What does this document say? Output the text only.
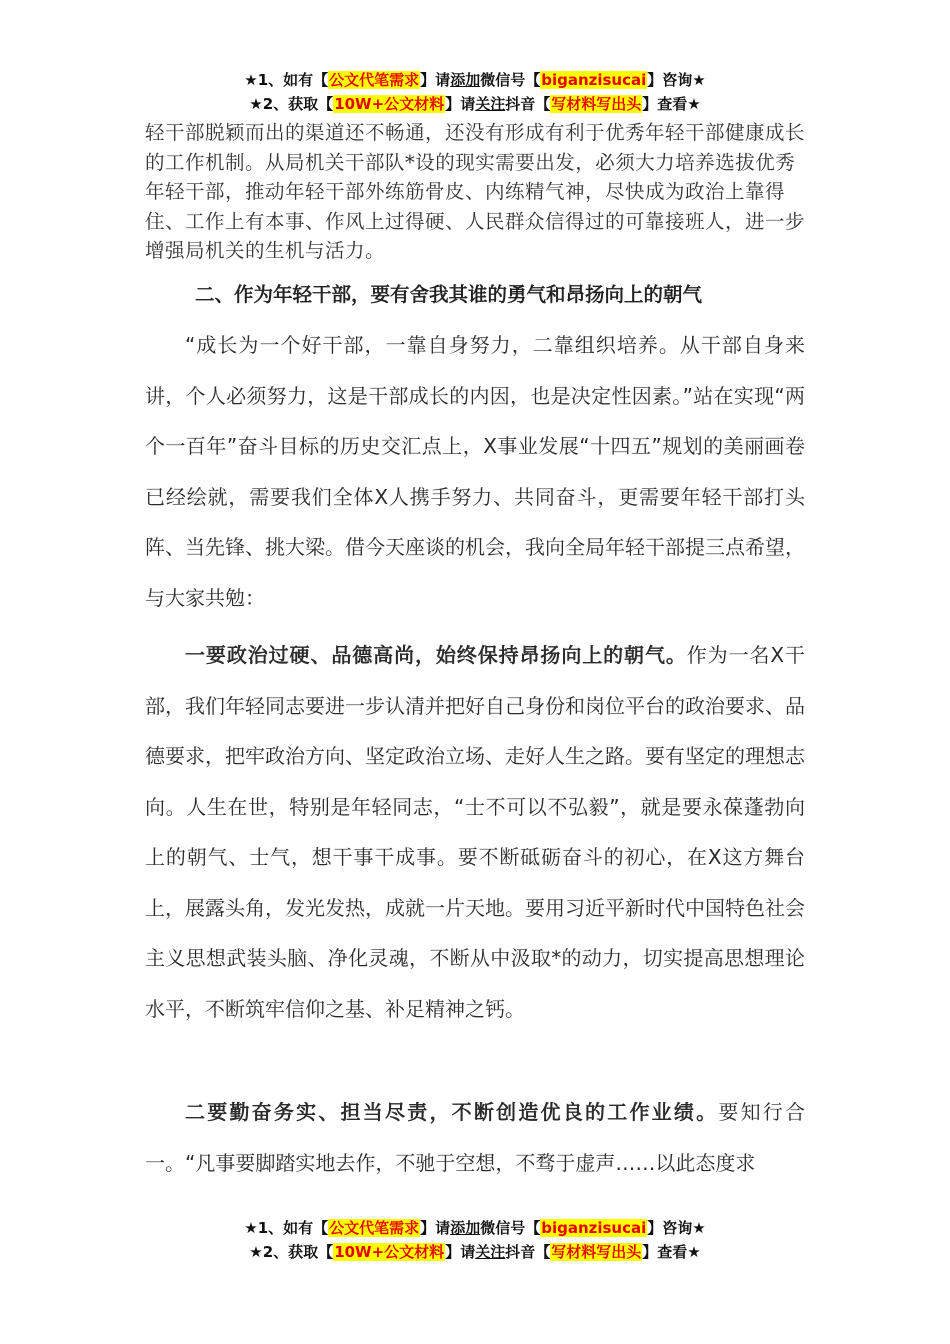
★1、如有【公文代笔需求】请添加微信号【biganzisucai】咨询★
★2、获取【10W+公文材料】请关注抖音【写材料写出头】查看★

轻干部脱颖而出的渠道还不畅通，还没有形成有利于优秀年轻干部健康成长的工作机制。从局机关干部队*设的现实需要出发，必须大力培养选拔优秀年轻干部，推动年轻干部外练筋骨皮、内练精气神，尽快成为政治上靠得住、工作上有本事、作风上过得硬、人民群众信得过的可靠接班人，进一步增强局机关的生机与活力。

二、作为年轻干部，要有舍我其谁的勇气和昂扬向上的朝气

“成长为一个好干部，一靠自身努力，二靠组织培养。从干部自身来讲，个人必须努力，这是干部成长的内因，也是决定性因素。”站在实现“两个一百年”奋斗目标的历史交汇点上，X事业发展“十四五”规划的美丽画卷已经绘就，需要我们全体X人携手努力、共同奋斗，更需要年轻干部打头阵、当先锋、挑大梁。借今天座谈的机会，我向全局年轻干部提三点希望，与大家共勉：

一要政治过硬、品德高尚，始终保持昂扬向上的朝气。作为一名X干部，我们年轻同志要进一步认清并把好自己身份和岗位平台的政治要求、品德要求，把牢政治方向、坚定政治立场、走好人生之路。要有坚定的理想志向。人生在世，特别是年轻同志，“士不可以不弘毅”，就是要永葆蓬勃向上的朝气、士气，想干事干成事。要不断砥砺奋斗的初心，在X这方舞台上，展露头角，发光发热，成就一片天地。要用习近平新时代中国特色社会主义思想武装头脑、净化灵魂，不断从中汲取*的动力，切实提高思想理论水平，不断筑牢信仰之基、补足精神之钙。

二要勤奋务实、担当尽责，不断创造优良的工作业绩。要知行合一。“凡事要脚踏实地去作，不驰于空想，不骛于虚声……以此态度求

★1、如有【公文代笔需求】请添加微信号【biganzisucai】咨询★
★2、获取【10W+公文材料】请关注抖音【写材料写出头】查看★
